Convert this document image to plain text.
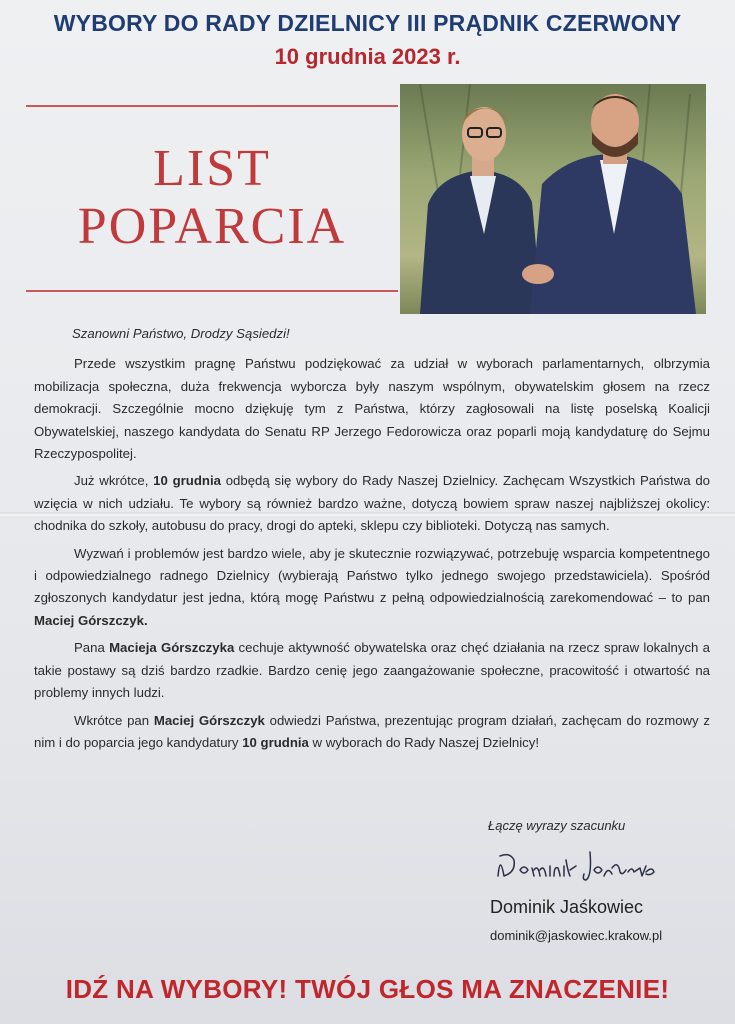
WYBORY DO RADY DZIELNICY III PRĄDNIK CZERWONY
10 grudnia 2023 r.
LIST
POPARCIA

Szanowni Państwo, Drodzy Sąsiedzi!

Przede wszystkim pragnę Państwu podziękować za udział w wyborach parlamentarnych, olbrzymia mobilizacja społeczna, duża frekwencja wyborcza były naszym wspólnym, obywatelskim głosem na rzecz demokracji. Szczególnie mocno dziękuję tym z Państwa, którzy zagłosowali na listę poselską Koalicji Obywatelskiej, naszego kandydata do Senatu RP Jerzego Fedorowicza oraz poparli moją kandydaturę do Sejmu Rzeczypospolitej.

Już wkrótce, 10 grudnia odbędą się wybory do Rady Naszej Dzielnicy. Zachęcam Wszystkich Państwa do wzięcia w nich udziału. Te wybory są również bardzo ważne, dotyczą bowiem spraw naszej najbliższej okolicy: chodnika do szkoły, autobusu do pracy, drogi do apteki, sklepu czy biblioteki. Dotyczą nas samych.

Wyzwań i problemów jest bardzo wiele, aby je skutecznie rozwiązywać, potrzebuję wsparcia kompetentnego i odpowiedzialnego radnego Dzielnicy (wybierają Państwo tylko jednego swojego przedstawiciela). Spośród zgłoszonych kandydatur jest jedna, którą mogę Państwu z pełną odpowiedzialnością zarekomendować – to pan Maciej Górszczyk.

Pana Macieja Górszczyka cechuje aktywność obywatelska oraz chęć działania na rzecz spraw lokalnych a takie postawy są dziś bardzo rzadkie. Bardzo cenię jego zaangażowanie społeczne, pracowitość i otwartość na problemy innych ludzi.

Wkrótce pan Maciej Górszczyk odwiedzi Państwa, prezentując program działań, zachęcam do rozmowy z nim i do poparcia jego kandydatury 10 grudnia w wyborach do Rady Naszej Dzielnicy!

Łączę wyrazy szacunku
Dominik Jaśkowiec
dominik@jaskowiec.krakow.pl
IDŹ NA WYBORY! TWÓJ GŁOS MA ZNACZENIE!
